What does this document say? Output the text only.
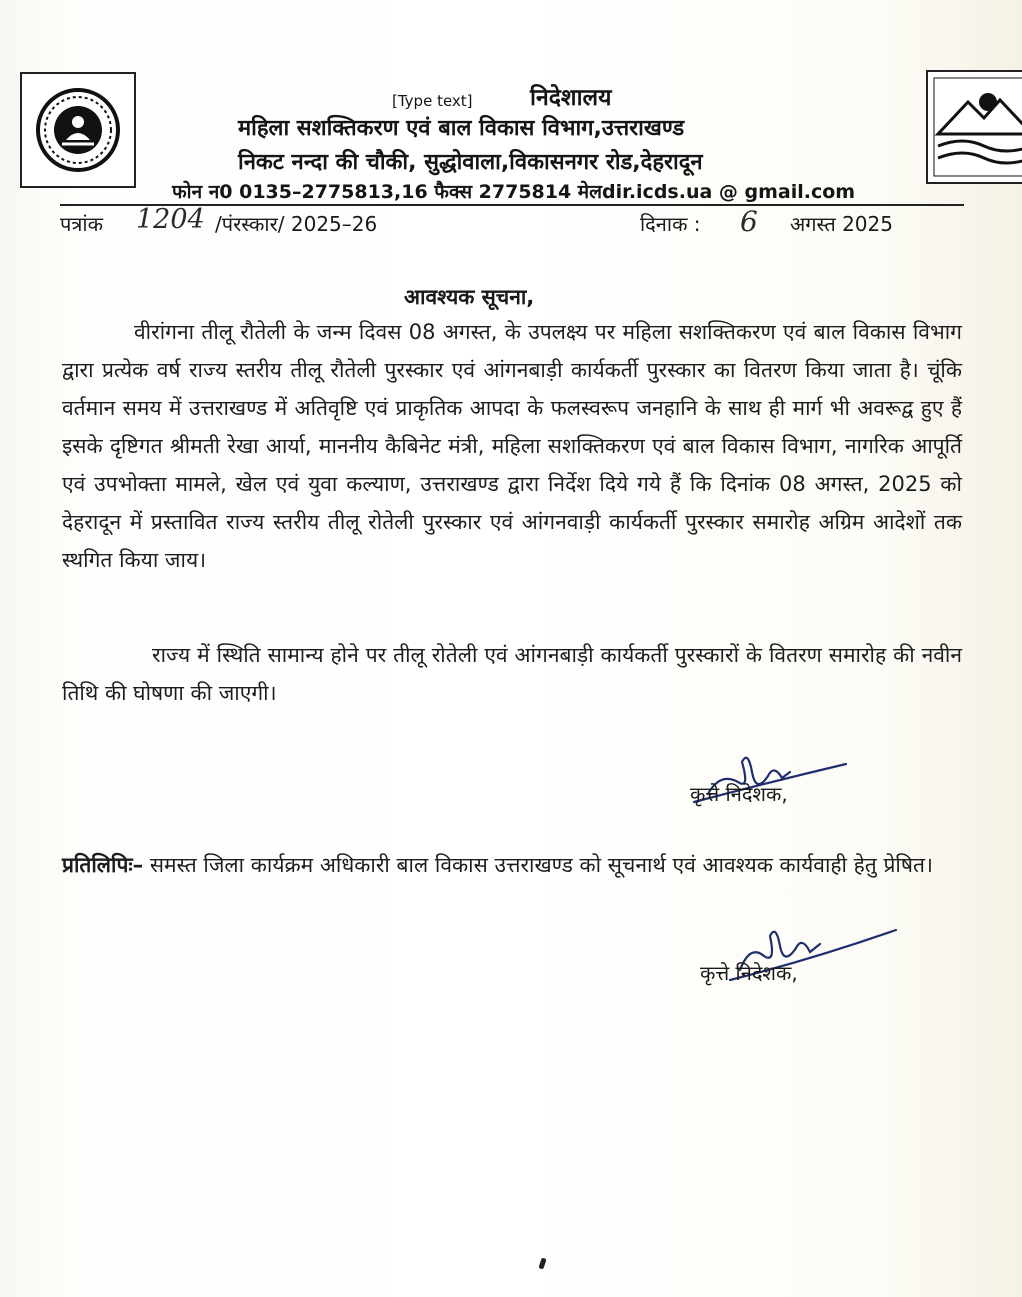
[Type text] निदेशालय
महिला सशक्तिकरण एवं बाल विकास विभाग,उत्तराखण्ड
निकट नन्दा की चौकी, सुद्धोवाला,विकासनगर रोड,देहरादून
फोन न0 0135–2775813,16 फैक्स 2775814 मेलdir.icds.ua @ gmail.com
पत्रांक 1204 /पंरस्कार/ 2025–26	दिनाक : 6 अगस्त 2025
आवश्यक सूचना,

वीरांगना तीलू रौतेली के जन्म दिवस 08 अगस्त, के उपलक्ष्य पर महिला सशक्तिकरण एवं बाल विकास विभाग द्वारा प्रत्येक वर्ष राज्य स्तरीय तीलू रौतेली पुरस्कार एवं आंगनबाड़ी कार्यकर्ती पुरस्कार का वितरण किया जाता है। चूंकि वर्तमान समय में उत्तराखण्ड में अतिवृष्टि एवं प्राकृतिक आपदा के फलस्वरूप जनहानि के साथ ही मार्ग भी अवरूद्व हुए हैं इसके दृष्टिगत श्रीमती रेखा आर्या, माननीय कैबिनेट मंत्री, महिला सशक्तिकरण एवं बाल विकास विभाग, नागरिक आपूर्ति एवं उपभोक्ता मामले, खेल एवं युवा कल्याण, उत्तराखण्ड द्वारा निर्देश दिये गये हैं कि दिनांक 08 अगस्त, 2025 को देहरादून में प्रस्तावित राज्य स्तरीय तीलू रोतेली पुरस्कार एवं आंगनवाड़ी कार्यकर्ती पुरस्कार समारोह अग्रिम आदेशों तक स्थगित किया जाय।

राज्य में स्थिति सामान्य होने पर तीलू रोतेली एवं आंगनबाड़ी कार्यकर्ती पुरस्कारों के वितरण समारोह की नवीन तिथि की घोषणा की जाएगी।

कृत्ते निदेशक,

प्रतिलिपिः– समस्त जिला कार्यक्रम अधिकारी बाल विकास उत्तराखण्ड को सूचनार्थ एवं आवश्यक कार्यवाही हेतु प्रेषित।

कृत्ते निदेशक,
